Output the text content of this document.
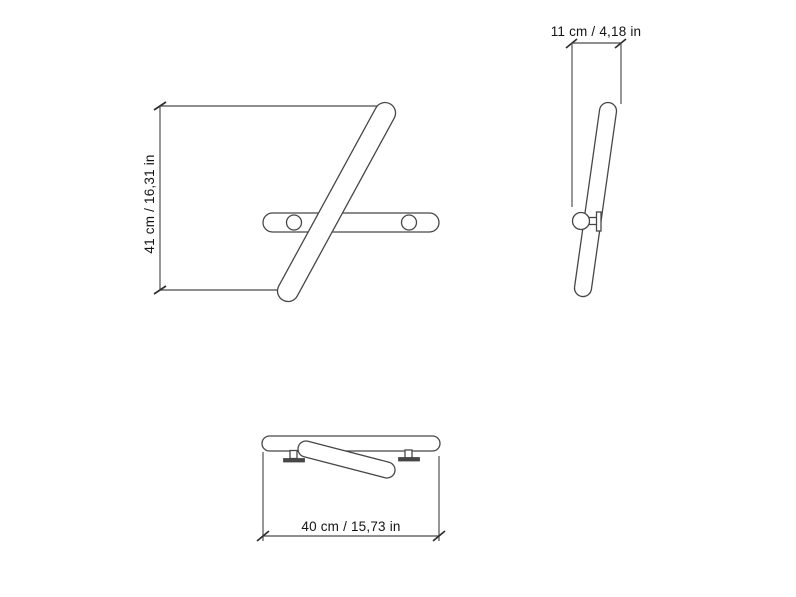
41 cm / 16,31 in
11 cm / 4,18 in
40 cm / 15,73 in
